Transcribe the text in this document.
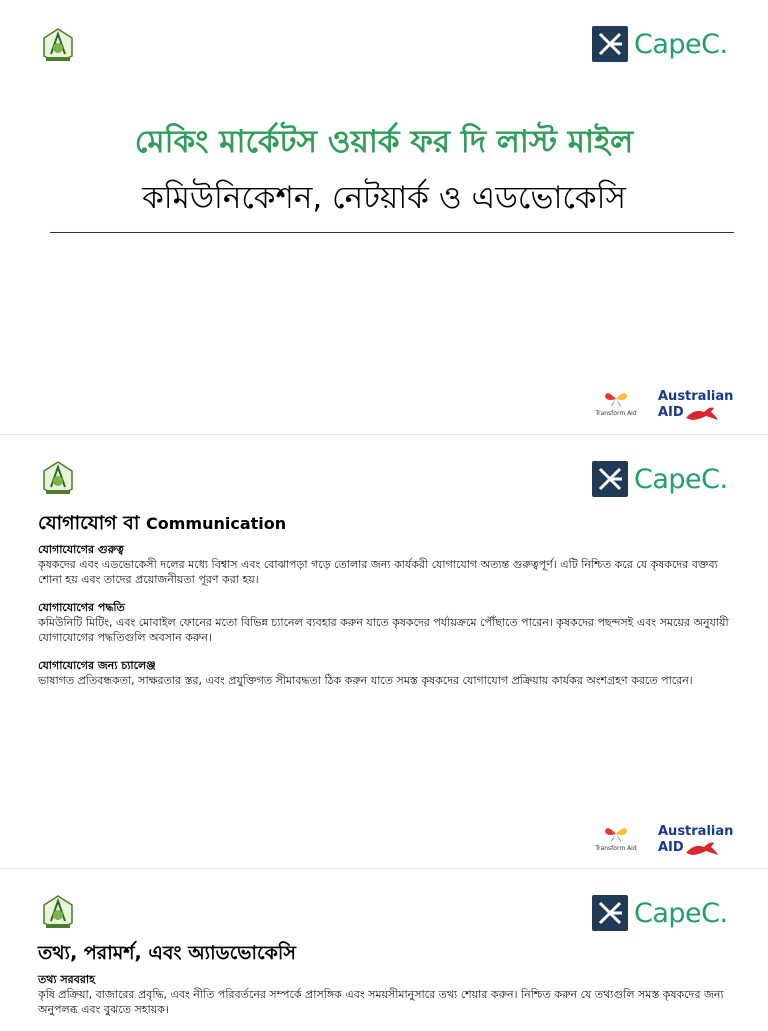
CapeC.
মেকিং মার্কেটস ওয়ার্ক ফর দি লাস্ট মাইল
কমিউনিকেশন, নেটয়ার্ক ও এডভোকেসি
Transform Aid
Australian
AID
CapeC.
যোগাযোগ বা Communication
যোগাযোগের গুরুত্ব
কৃষকদের এবং এডভোকেসী দলের মধ্যে বিশ্বাস এবং বোঝাপড়া গড়ে তোলার জন্য কার্যকরী যোগাযোগ অত্যন্ত গুরুত্বপূর্ণ। এটি নিশ্চিত করে যে কৃষকদের বক্তব্য শোনা হয় এবং তাদের প্রয়োজনীয়তা পূরণ করা হয়।
যোগাযোগের পদ্ধতি
কমিউনিটি মিটিং, এবং মোবাইল ফোনের মতো বিভিন্ন চ্যানেল ব্যবহার করুন যাতে কৃষকদের পর্যায়ক্রমে পৌঁছাতে পারেন। কৃষকদের পছন্দসই এবং সময়ের অনুযায়ী যোগাযোগের পদ্ধতিগুলি অবসান করুন।
যোগাযোগের জন্য চ্যালেঞ্জ
ভাষাগত প্রতিবন্ধকতা, সাক্ষরতার স্তর, এবং প্রযুক্তিগত সীমাবদ্ধতা ঠিক করুন যাতে সমস্ত কৃষকদের যোগাযোগ প্রক্রিয়ায় কার্যকর অংশগ্রহণ করতে পারেন।
Transform Aid
Australian
AID
CapeC.
তথ্য, পরামর্শ, এবং অ্যাডভোকেসি
তথ্য সরবরাহ
কৃষি প্রক্রিয়া, বাজারের প্রবৃদ্ধি, এবং নীতি পরিবর্তনের সম্পর্কে প্রাসঙ্গিক এবং সময়সীমানুসারে তথ্য শেয়ার করুন। নিশ্চিত করুন যে তথ্যগুলি সমস্ত কৃষকদের জন্য অনুপলব্ধ এবং বুঝতে সহায়ক।
